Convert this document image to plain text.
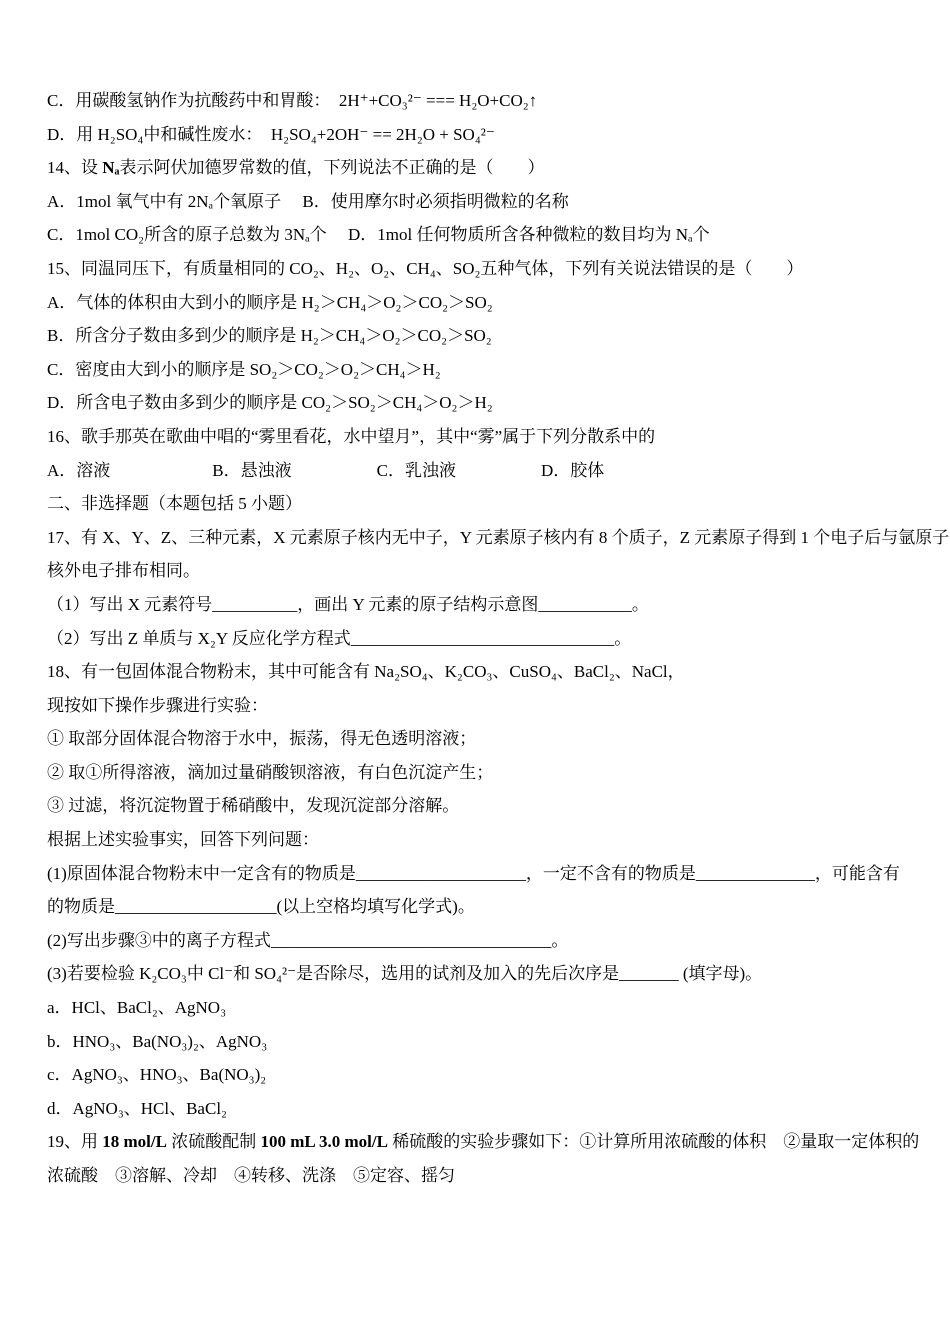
C．用碳酸氢钠作为抗酸药中和胃酸：  2H⁺+CO₃²⁻ === H₂O+CO₂↑

D．用 H₂SO₄中和碱性废水：  H₂SO₄+2OH⁻ == 2H₂O + SO₄²⁻

14、设 Nₐ表示阿伏加德罗常数的值，下列说法不正确的是（　　）

A．1mol 氧气中有 2Nₐ个氧原子　 B．使用摩尔时必须指明微粒的名称

C．1mol CO₂所含的原子总数为 3Nₐ个　 D．1mol 任何物质所含各种微粒的数目均为 Nₐ个

15、同温同压下，有质量相同的 CO₂、H₂、O₂、CH₄、SO₂五种气体，下列有关说法错误的是（　　）

A．气体的体积由大到小的顺序是 H₂＞CH₄＞O₂＞CO₂＞SO₂

B．所含分子数由多到少的顺序是 H₂＞CH₄＞O₂＞CO₂＞SO₂

C．密度由大到小的顺序是 SO₂＞CO₂＞O₂＞CH₄＞H₂

D．所含电子数由多到少的顺序是 CO₂＞SO₂＞CH₄＞O₂＞H₂

16、歌手那英在歌曲中唱的“雾里看花，水中望月”，其中“雾”属于下列分散系中的

A．溶液　　　　　　B．悬浊液　　　　　C．乳浊液　　　　　D．胶体

二、非选择题（本题包括 5 小题）

17、有 X、Y、Z、三种元素，X 元素原子核内无中子，Y 元素原子核内有 8 个质子，Z 元素原子得到 1 个电子后与氩原子

核外电子排布相同。

（1）写出 X 元素符号__________，画出 Y 元素的原子结构示意图___________。

（2）写出 Z 单质与 X₂Y 反应化学方程式_______________________________。

18、有一包固体混合物粉末，其中可能含有 Na₂SO₄、K₂CO₃、CuSO₄、BaCl₂、NaCl，

现按如下操作步骤进行实验：

① 取部分固体混合物溶于水中，振荡，得无色透明溶液；

② 取①所得溶液，滴加过量硝酸钡溶液，有白色沉淀产生；

③ 过滤，将沉淀物置于稀硝酸中，发现沉淀部分溶解。

根据上述实验事实，回答下列问题：

(1)原固体混合物粉末中一定含有的物质是____________________，一定不含有的物质是______________，可能含有

的物质是___________________(以上空格均填写化学式)。

(2)写出步骤③中的离子方程式_________________________________。

(3)若要检验 K₂CO₃中 Cl⁻和 SO₄²⁻是否除尽，选用的试剂及加入的先后次序是_______ (填字母)。

a．HCl、BaCl₂、AgNO₃

b．HNO₃、Ba(NO₃)₂、AgNO₃

c．AgNO₃、HNO₃、Ba(NO₃)₂

d．AgNO₃、HCl、BaCl₂

19、用 18 mol/L 浓硫酸配制 100 mL 3.0 mol/L 稀硫酸的实验步骤如下：①计算所用浓硫酸的体积　②量取一定体积的

浓硫酸　③溶解、冷却　④转移、洗涤　⑤定容、摇匀
